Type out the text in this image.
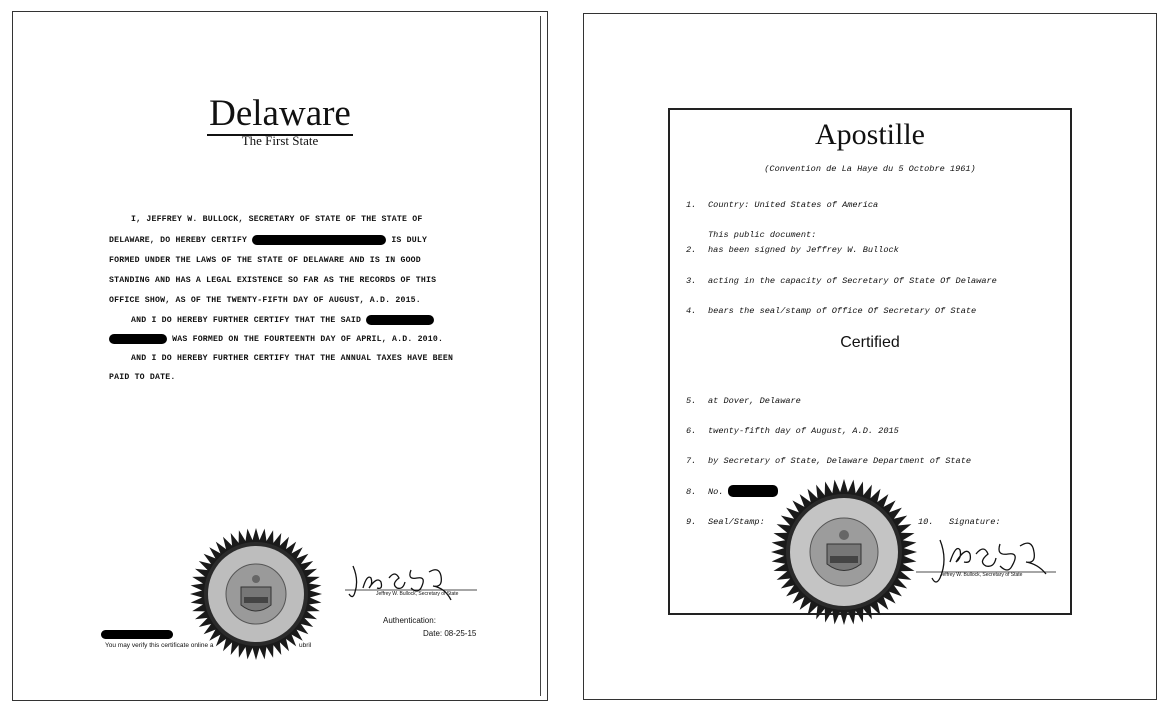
Delaware
The First State
I, JEFFREY W. BULLOCK, SECRETARY OF STATE OF THE STATE OF
DELAWARE, DO HEREBY CERTIFY	IS DULY
FORMED UNDER THE LAWS OF THE STATE OF DELAWARE AND IS IN GOOD
STANDING AND HAS A LEGAL EXISTENCE SO FAR AS THE RECORDS OF THIS
OFFICE SHOW, AS OF THE TWENTY-FIFTH DAY OF AUGUST, A.D. 2015.
AND I DO HEREBY FURTHER CERTIFY THAT THE SAID
WAS FORMED ON THE FOURTEENTH DAY OF APRIL, A.D. 2010.
AND I DO HEREBY FURTHER CERTIFY THAT THE ANNUAL TAXES HAVE BEEN
PAID TO DATE.
Jeffrey W. Bullock, Secretary of State
Authentication:
Date: 08-25-15
You may verify this certificate online a	ubril
Apostille
(Convention de La Haye du 5 Octobre 1961)
1. Country: United States of America
This public document:
2. has been signed by Jeffrey W. Bullock
3. acting in the capacity of Secretary Of State Of Delaware
4. bears the seal/stamp of Office Of Secretary Of State
Certified
5. at Dover, Delaware
6. twenty-fifth day of August, A.D. 2015
7. by Secretary of State, Delaware Department of State
8. No.
9. Seal/Stamp:	10. Signature:
Jeffrey W. Bullock, Secretary of State
